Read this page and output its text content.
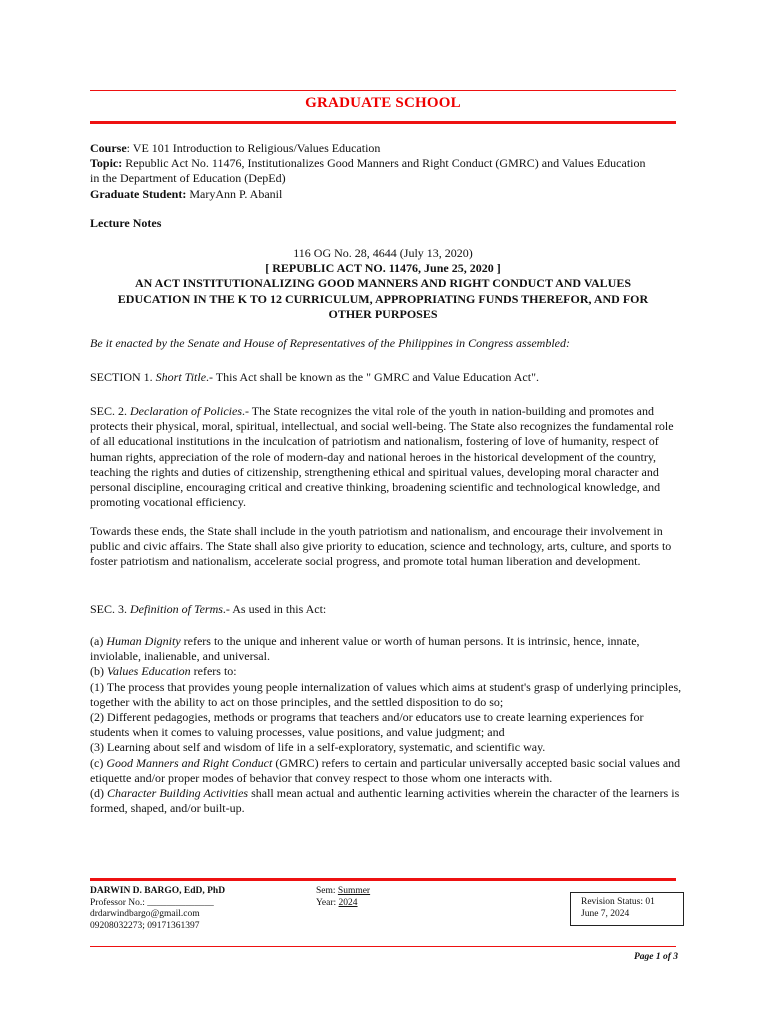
GRADUATE SCHOOL

Course: VE 101 Introduction to Religious/Values Education

Topic: Republic Act No. 11476, Institutionalizes Good Manners and Right Conduct (GMRC) and Values Education in the Department of Education (DepEd)

Graduate Student: MaryAnn P. Abanil

Lecture Notes

116 OG No. 28, 4644 (July 13, 2020)

[ REPUBLIC ACT NO. 11476, June 25, 2020 ]

AN ACT INSTITUTIONALIZING GOOD MANNERS AND RIGHT CONDUCT AND VALUES EDUCATION IN THE K TO 12 CURRICULUM, APPROPRIATING FUNDS THEREFOR, AND FOR OTHER PURPOSES

Be it enacted by the Senate and House of Representatives of the Philippines in Congress assembled:
SECTION 1. Short Title.- This Act shall be known as the " GMRC and Value Education Act".
SEC. 2. Declaration of Policies.- The State recognizes the vital role of the youth in nation-building and promotes and protects their physical, moral, spiritual, intellectual, and social well-being. The State also recognizes the fundamental role of all educational institutions in the inculcation of patriotism and nationalism, fostering of love of humanity, respect of human rights, appreciation of the role of modern-day and national heroes in the historical development of the country, teaching the rights and duties of citizenship, strengthening ethical and spiritual values, developing moral character and personal discipline, encouraging critical and creative thinking, broadening scientific and technological knowledge, and promoting vocational efficiency.
Towards these ends, the State shall include in the youth patriotism and nationalism, and encourage their involvement in public and civic affairs. The State shall also give priority to education, science and technology, arts, culture, and sports to foster patriotism and nationalism, accelerate social progress, and promote total human liberation and development.
SEC. 3. Definition of Terms.- As used in this Act:

(a) Human Dignity refers to the unique and inherent value or worth of human persons. It is intrinsic, hence, innate, inviolable, inalienable, and universal.

(b) Values Education refers to:

(1) The process that provides young people internalization of values which aims at student's grasp of underlying principles, together with the ability to act on those principles, and the settled disposition to do so;

(2) Different pedagogies, methods or programs that teachers and/or educators use to create learning experiences for students when it comes to valuing processes, value positions, and value judgment; and

(3) Learning about self and wisdom of life in a self-exploratory, systematic, and scientific way.

(c) Good Manners and Right Conduct (GMRC) refers to certain and particular universally accepted basic social values and etiquette and/or proper modes of behavior that convey respect to those whom one interacts with.

(d) Character Building Activities shall mean actual and authentic learning activities wherein the character of the learners is formed, shaped, and/or built-up.

DARWIN D. BARGO, EdD, PhD
Professor No.: ______________
drdarwindbargo@gmail.com
09208032273; 09171361397
Sem: Summer
Year: 2024	Revision Status: 01
June 7, 2024
Page 1 of 3
